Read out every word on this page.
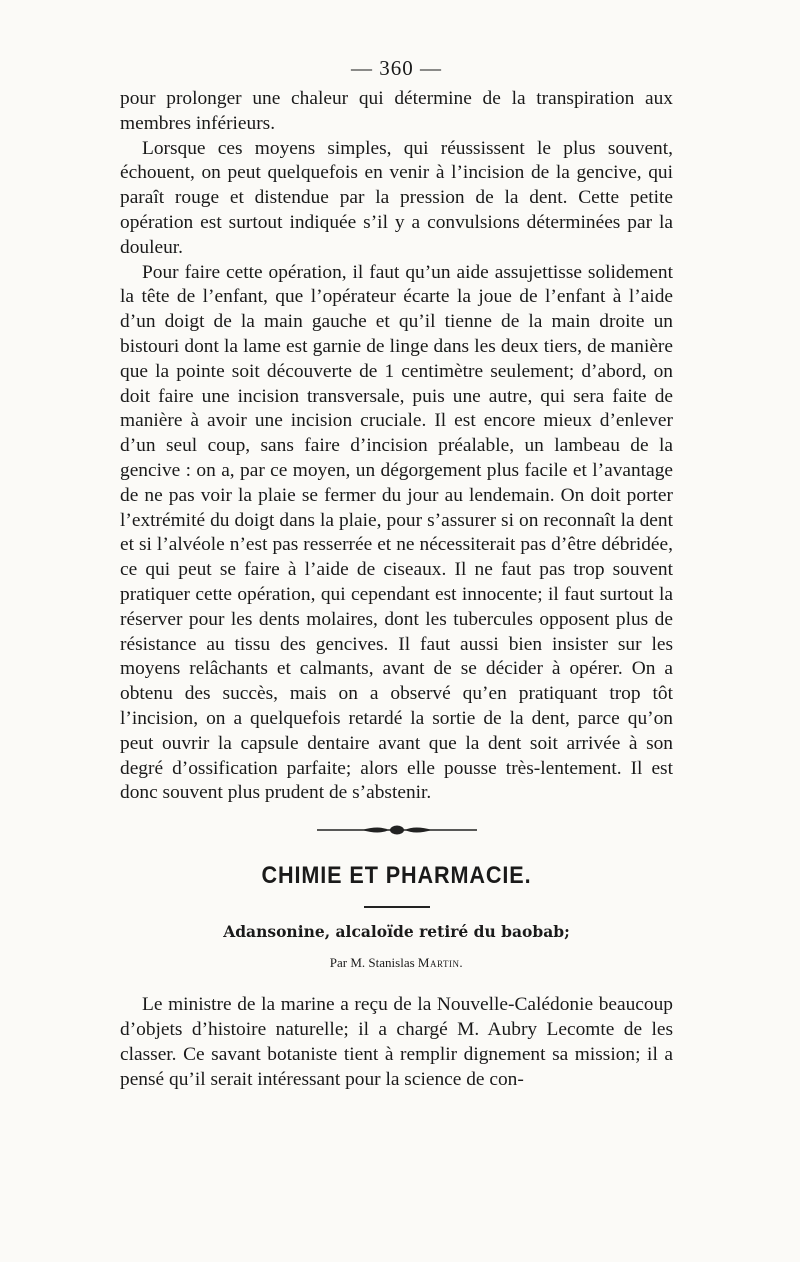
— 360 —

pour prolonger une chaleur qui détermine de la transpiration aux membres inférieurs.

Lorsque ces moyens simples, qui réussissent le plus souvent, échouent, on peut quelquefois en venir à l’incision de la gencive, qui paraît rouge et distendue par la pression de la dent. Cette petite opération est surtout indiquée s’il y a convulsions déterminées par la douleur.

Pour faire cette opération, il faut qu’un aide assujettisse solidement la tête de l’enfant, que l’opérateur écarte la joue de l’enfant à l’aide d’un doigt de la main gauche et qu’il tienne de la main droite un bistouri dont la lame est garnie de linge dans les deux tiers, de manière que la pointe soit découverte de 1 centimètre seulement; d’abord, on doit faire une incision transversale, puis une autre, qui sera faite de manière à avoir une incision cruciale. Il est encore mieux d’enlever d’un seul coup, sans faire d’incision préalable, un lambeau de la gencive : on a, par ce moyen, un dégorgement plus facile et l’avantage de ne pas voir la plaie se fermer du jour au lendemain. On doit porter l’extrémité du doigt dans la plaie, pour s’assurer si on reconnaît la dent et si l’alvéole n’est pas resserrée et ne nécessiterait pas d’être débridée, ce qui peut se faire à l’aide de ciseaux. Il ne faut pas trop souvent pratiquer cette opération, qui cependant est innocente; il faut surtout la réserver pour les dents molaires, dont les tubercules opposent plus de résistance au tissu des gencives. Il faut aussi bien insister sur les moyens relâchants et calmants, avant de se décider à opérer. On a obtenu des succès, mais on a observé qu’en pratiquant trop tôt l’incision, on a quelquefois retardé la sortie de la dent, parce qu’on peut ouvrir la capsule dentaire avant que la dent soit arrivée à son degré d’ossification parfaite; alors elle pousse très-lentement. Il est donc souvent plus prudent de s’abstenir.

CHIMIE ET PHARMACIE.
Adansonine, alcaloïde retiré du baobab;
Par M. Stanislas Martin.

Le ministre de la marine a reçu de la Nouvelle-Calédonie beaucoup d’objets d’histoire naturelle; il a chargé M. Aubry Lecomte de les classer. Ce savant botaniste tient à remplir dignement sa mission; il a pensé qu’il serait intéressant pour la science de con-
